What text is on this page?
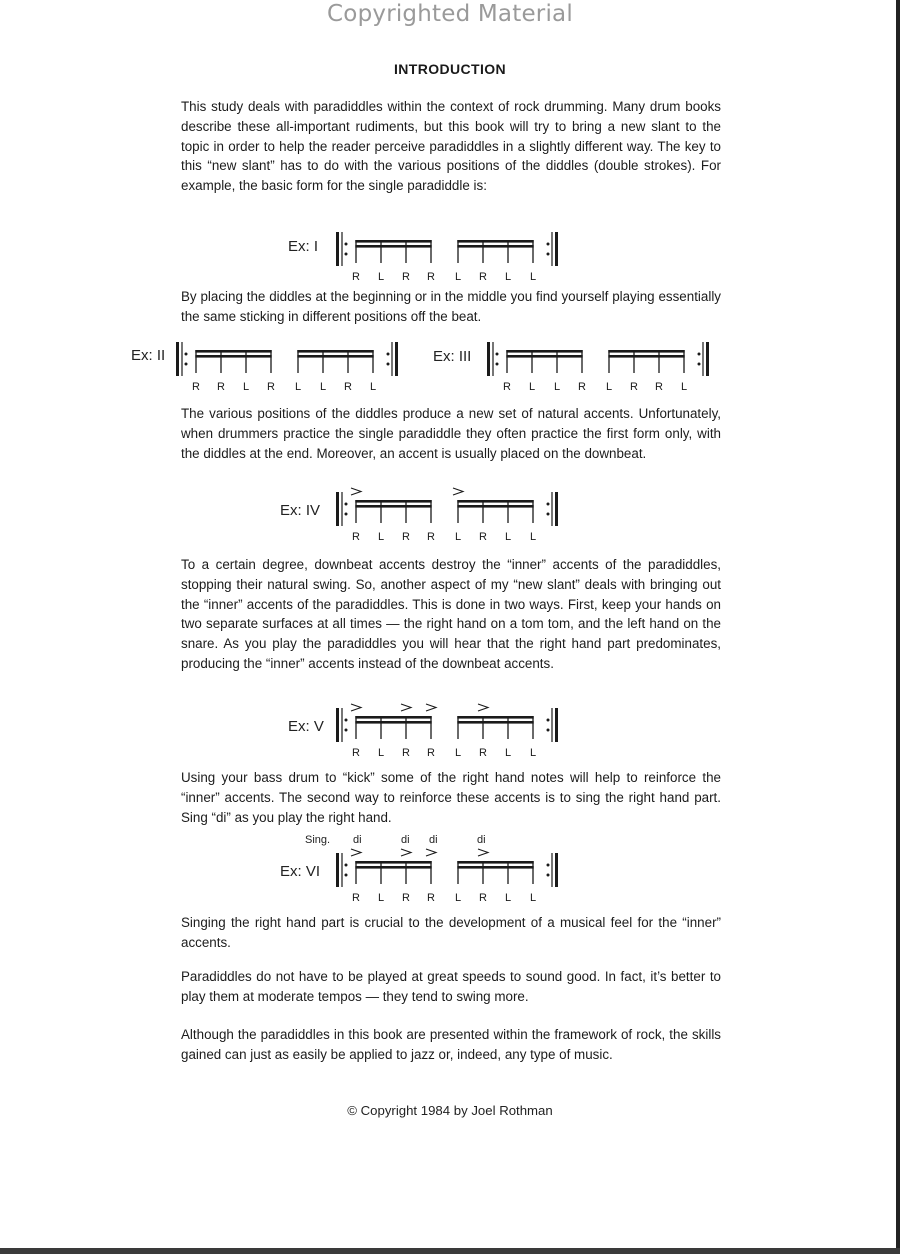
Copyrighted Material
INTRODUCTION
This study deals with paradiddles within the context of rock drumming. Many drum books describe these all-important rudiments, but this book will try to bring a new slant to the topic in order to help the reader perceive paradiddles in a slightly different way. The key to this “new slant” has to do with the various positions of the diddles (double strokes). For example, the basic form for the single paradiddle is:
Ex: I
R L R R L R L L
By placing the diddles at the beginning or in the middle you find yourself playing essentially the same sticking in different positions off the beat.
Ex: II
R R L R L L R L
Ex: III
R L L R L R R L
The various positions of the diddles produce a new set of natural accents. Unfortunately, when drummers practice the single paradiddle they often practice the first form only, with the diddles at the end. Moreover, an accent is usually placed on the downbeat.
Ex: IV
R L R R L R L L
To a certain degree, downbeat accents destroy the “inner” accents of the paradiddles, stopping their natural swing. So, another aspect of my “new slant” deals with bringing out the “inner” accents of the paradiddles. This is done in two ways. First, keep your hands on two separate surfaces at all times — the right hand on a tom tom, and the left hand on the snare. As you play the paradiddles you will hear that the right hand part predominates, producing the “inner” accents instead of the downbeat accents.
Ex: V
R L R R L R L L
Using your bass drum to “kick” some of the right hand notes will help to reinforce the “inner” accents. The second way to reinforce these accents is to sing the right hand part. Sing “di” as you play the right hand.
Sing. di	di di	di
Ex: VI
R L R R L R L L
Singing the right hand part is crucial to the development of a musical feel for the “inner” accents.
Paradiddles do not have to be played at great speeds to sound good. In fact, it’s better to play them at moderate tempos — they tend to swing more.
Although the paradiddles in this book are presented within the framework of rock, the skills gained can just as easily be applied to jazz or, indeed, any type of music.
© Copyright 1984 by Joel Rothman
